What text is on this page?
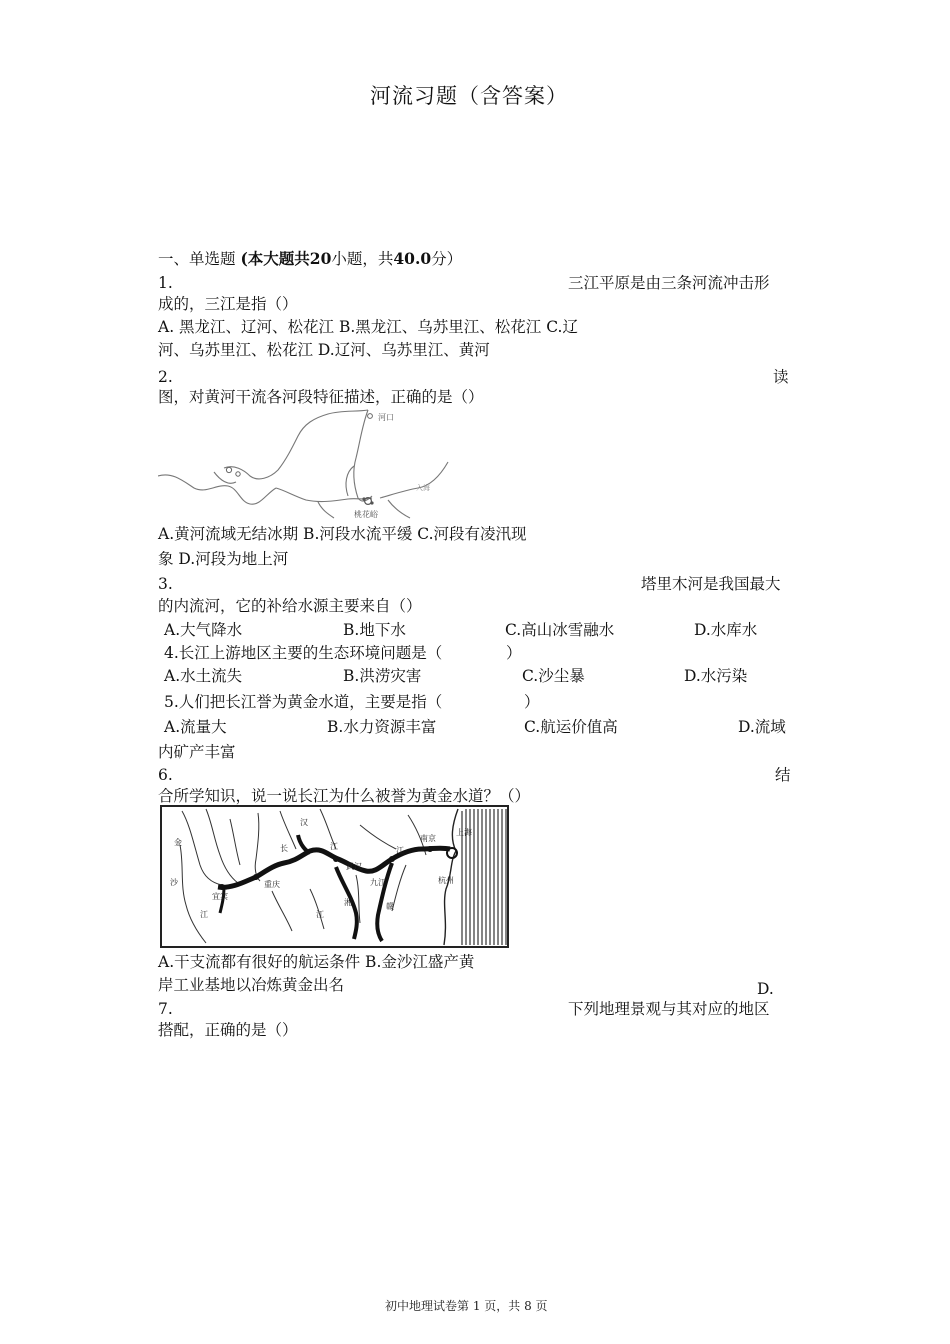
河流习题（含答案）
一、单选题 (本大题共20小题，共40.0分）
1.	三江平原是由三条河流冲击形
成的，三江是指（）
A. 黑龙江、辽河、松花江 B.黑龙江、乌苏里江、松花江 C.辽
河、乌苏里江、松花江 D.辽河、乌苏里江、黄河
2.	读
图，对黄河干流各河段特征描述，正确的是（）
河口
桃花峪
入海
A.黄河流域无结冰期 B.河段水流平缓 C.河段有凌汛现
象 D.河段为地上河
3.	塔里木河是我国最大
的内流河，它的补给水源主要来自（）
A.大气降水	B.地下水	C.高山冰雪融水	D.水库水
4.长江上游地区主要的生态环境问题是（	）
A.水土流失	B.洪涝灾害	C.沙尘暴	D.水污染
5.人们把长江誉为黄金水道，主要是指（	）
A.流量大	B.水力资源丰富	C.航运价值高	D.流域
内矿产丰富
6.	结
合所学知识，说一说长江为什么被誉为黄金水道？（）
长	江
武汉
江
九江
南京
上海
杭州
重庆
宜宾
金
沙
江	江
湘	赣
汉
A.干支流都有很好的航运条件 B.金沙江盛产黄
岸工业基地以冶炼黄金出名	D.
7.	下列地理景观与其对应的地区
搭配，正确的是（）
初中地理试卷第 1 页，共 8 页
